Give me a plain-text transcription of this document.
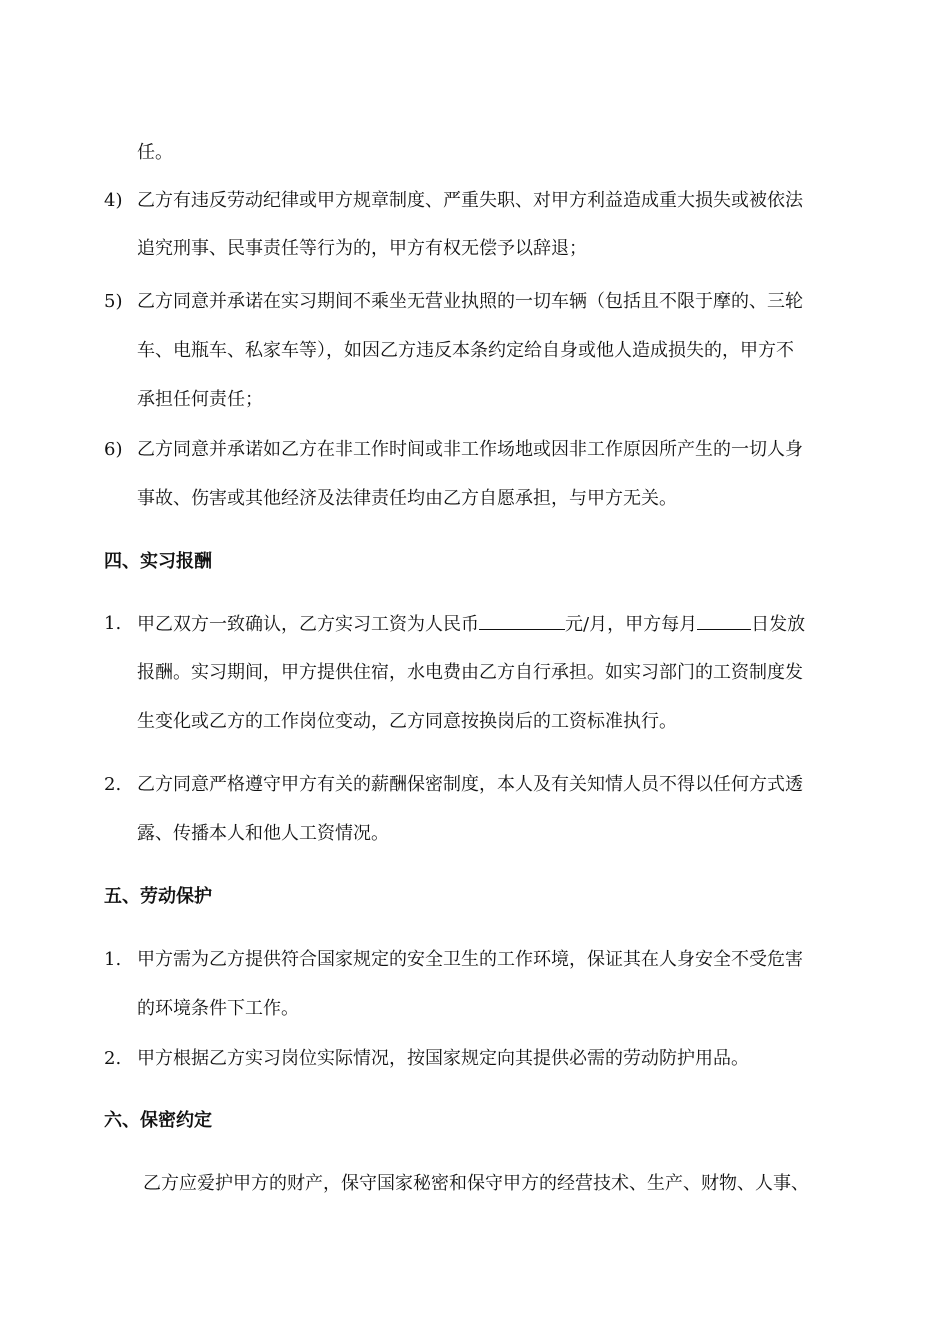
任。
4) 乙方有违反劳动纪律或甲方规章制度、严重失职、对甲方利益造成重大损失或被依法
追究刑事、民事责任等行为的，甲方有权无偿予以辞退；
5) 乙方同意并承诺在实习期间不乘坐无营业执照的一切车辆（包括且不限于摩的、三轮
车、电瓶车、私家车等），如因乙方违反本条约定给自身或他人造成损失的，甲方不
承担任何责任；
6) 乙方同意并承诺如乙方在非工作时间或非工作场地或因非工作原因所产生的一切人身
事故、伤害或其他经济及法律责任均由乙方自愿承担，与甲方无关。
四、实习报酬
1. 甲乙双方一致确认，乙方实习工资为人民币	元/月，甲方每月	日发放
报酬。实习期间，甲方提供住宿，水电费由乙方自行承担。如实习部门的工资制度发
生变化或乙方的工作岗位变动，乙方同意按换岗后的工资标准执行。
2. 乙方同意严格遵守甲方有关的薪酬保密制度，本人及有关知情人员不得以任何方式透
露、传播本人和他人工资情况。
五、劳动保护
1. 甲方需为乙方提供符合国家规定的安全卫生的工作环境，保证其在人身安全不受危害
的环境条件下工作。
2. 甲方根据乙方实习岗位实际情况，按国家规定向其提供必需的劳动防护用品。
六、保密约定
乙方应爱护甲方的财产，保守国家秘密和保守甲方的经营技术、生产、财物、人事、
